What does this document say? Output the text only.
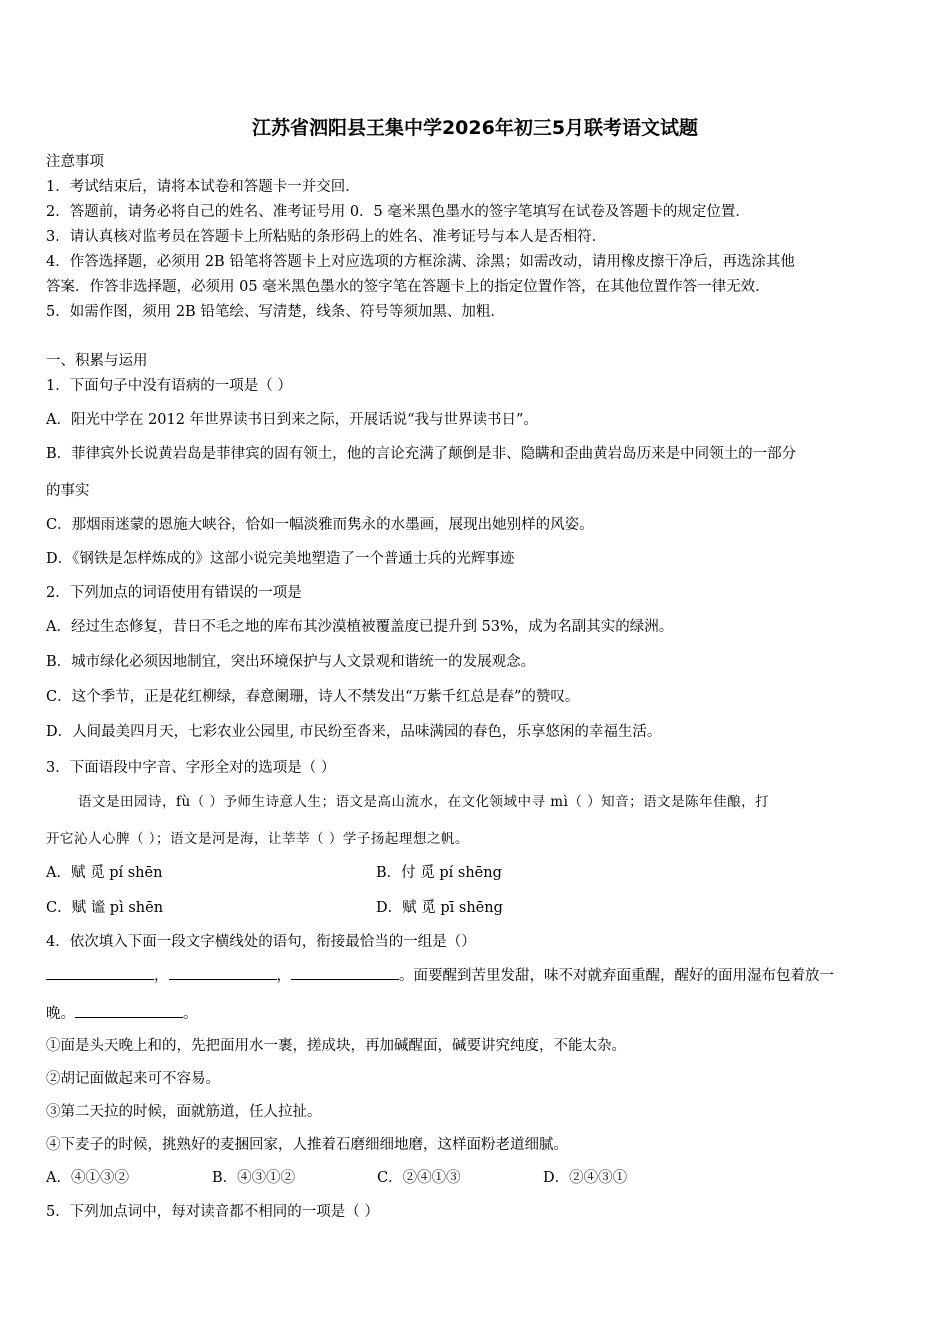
江苏省泗阳县王集中学2026年初三5月联考语文试题
注意事项
1．考试结束后，请将本试卷和答题卡一并交回．
2．答题前，请务必将自己的姓名、准考证号用 0．5 毫米黑色墨水的签字笔填写在试卷及答题卡的规定位置．
3．请认真核对监考员在答题卡上所粘贴的条形码上的姓名、准考证号与本人是否相符．
4．作答选择题，必须用 2B 铅笔将答题卡上对应选项的方框涂满、涂黑；如需改动，请用橡皮擦干净后，再选涂其他
答案．作答非选择题，必须用 05 毫米黑色墨水的签字笔在答题卡上的指定位置作答，在其他位置作答一律无效．
5．如需作图，须用 2B 铅笔绘、写清楚，线条、符号等须加黑、加粗．
一、积累与运用
1．下面句子中没有语病的一项是（ ）
A．阳光中学在 2012 年世界读书日到来之际，开展话说“我与世界读书日”。
B．菲律宾外长说黄岩岛是菲律宾的固有领土，他的言论充满了颠倒是非、隐瞒和歪曲黄岩岛历来是中同领土的一部分
的事实
C．那烟雨迷蒙的恩施大峡谷，恰如一幅淡雅而隽永的水墨画，展现出她别样的风姿。
D．《钢铁是怎样炼成的》这部小说完美地塑造了一个普通士兵的光辉事迹
2．下列加点的词语使用有错误的一项是
A．经过生态修复，昔日不毛之地的库布其沙漠植被覆盖度已提升到 53%，成为名副其实的绿洲。
B．城市绿化必须因地制宜，突出环境保护与人文景观和谐统一的发展观念。
C．这个季节，正是花红柳绿，春意阑珊，诗人不禁发出“万紫千红总是春”的赞叹。
D．人间最美四月天，七彩农业公园里, 市民纷至沓来，品味满园的春色，乐享悠闲的幸福生活。
3．下面语段中字音、字形全对的选项是（ ）
语文是田园诗，fù（ ）予师生诗意人生；语文是高山流水，在文化领域中寻 mì（ ）知音；语文是陈年佳酿，打
开它沁人心脾（ ）；语文是河是海，让莘莘（ ）学子扬起理想之帆。
A．赋 觅 pí shēn	B．付 觅 pí shēng
C．赋 谧 pì shēn	D．赋 觅 pī shēng
4．依次填入下面一段文字横线处的语句，衔接最恰当的一组是（）
，	，	。面要醒到苦里发甜，味不对就弃面重醒，醒好的面用湿布包着放一
晚。	。
①面是头天晚上和的，先把面用水一裹，搓成块，再加碱醒面，碱要讲究纯度，不能太杂。
②胡记面做起来可不容易。
③第二天拉的时候，面就筋道，任人拉扯。
④下麦子的时候，挑熟好的麦捆回家，人推着石磨细细地磨，这样面粉老道细腻。
A．④①③②	B．④③①②	C．②④①③	D．②④③①
5．下列加点词中，每对读音都不相同的一项是（ ）
